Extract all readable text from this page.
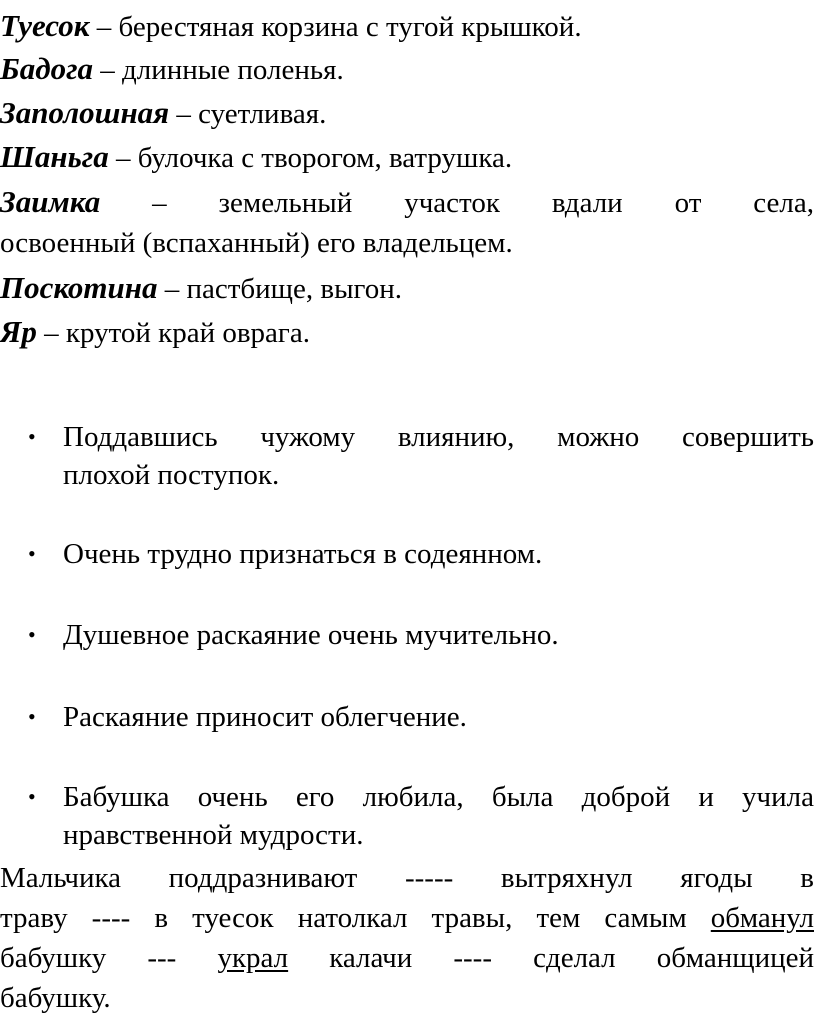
Туесок – берестяная корзина с тугой крышкой.
Бадога – длинные поленья.
Заполошная – суетливая.
Шаньга – булочка с творогом, ватрушка.
Заимка – земельный участок вдали от села,
освоенный (вспаханный) его владельцем.
Поскотина – пастбище, выгон.
Яр – крутой край оврага.
• Поддавшись чужому влиянию, можно совершить
плохой поступок.
• Очень трудно признаться в содеянном.
• Душевное раскаяние очень мучительно.
• Раскаяние приносит облегчение.
• Бабушка очень его любила, была доброй и учила
нравственной мудрости.
Мальчика поддразнивают ----- вытряхнул ягоды в
траву ---- в туесок натолкал травы, тем самым обманул
бабушку --- украл калачи ---- сделал обманщицей
бабушку.
